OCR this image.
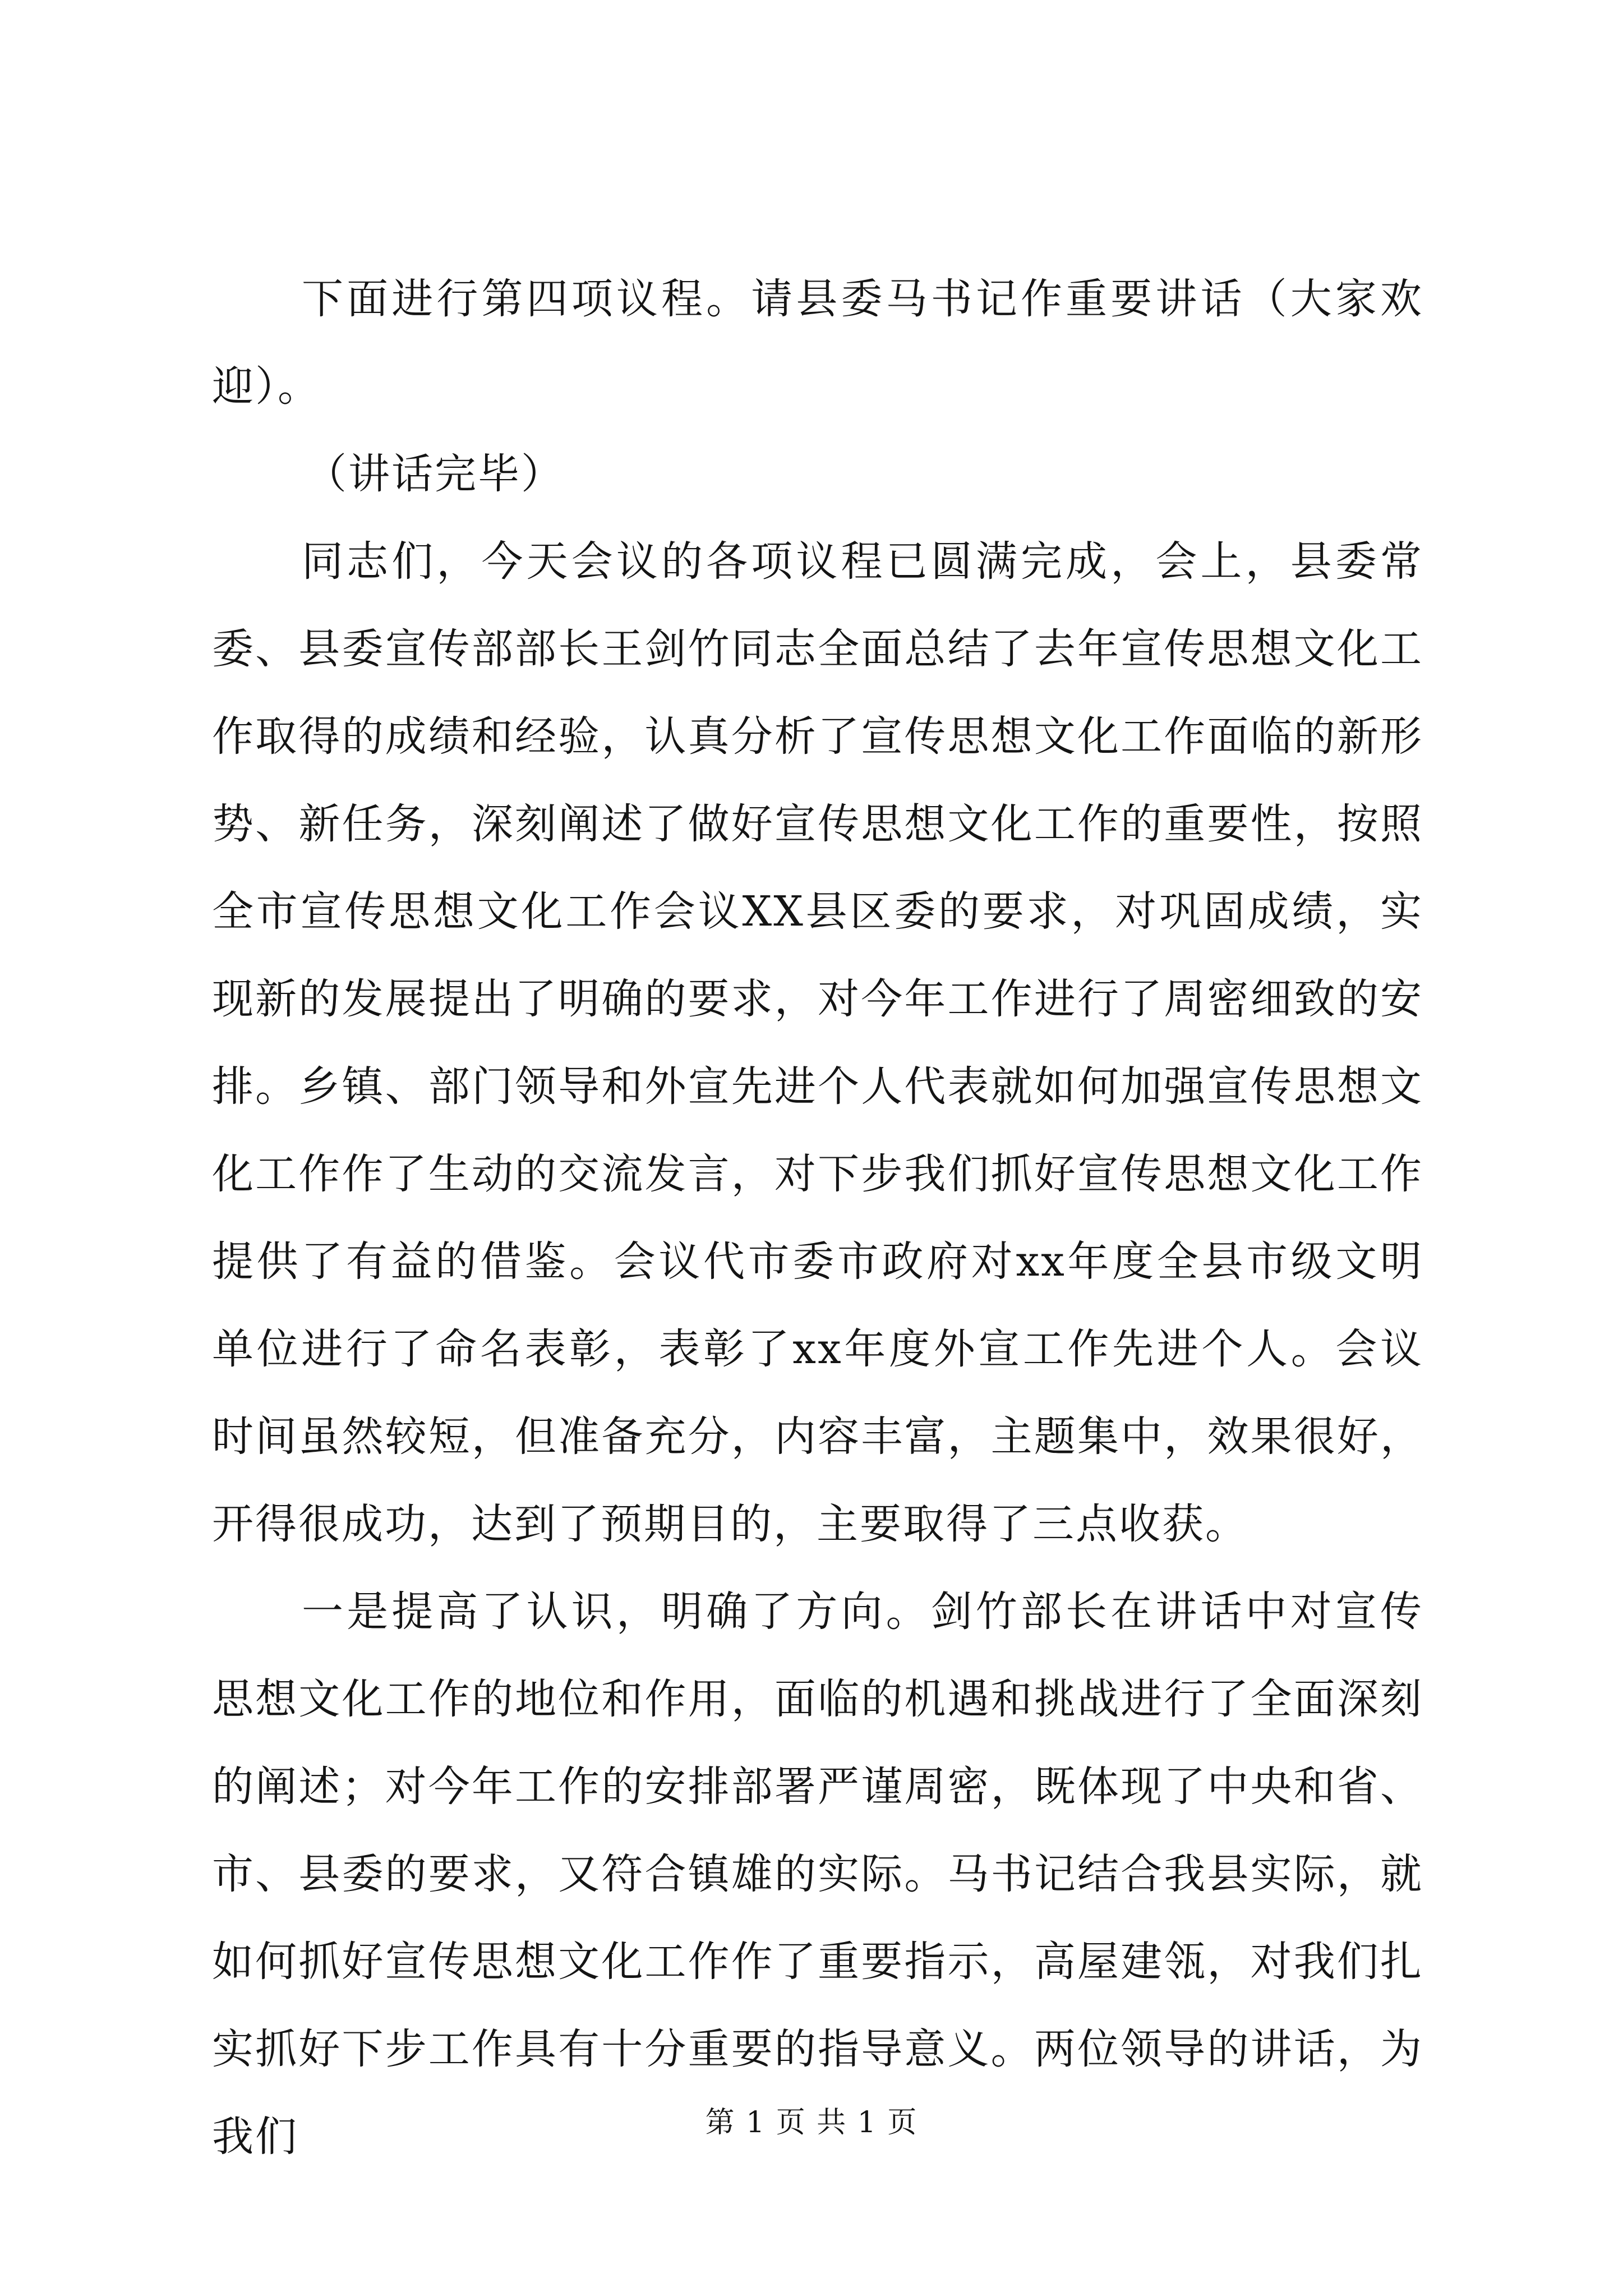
下面进行第四项议程。请县委马书记作重要讲话（大家欢迎）。

（讲话完毕）

同志们，今天会议的各项议程已圆满完成，会上，县委常委、县委宣传部部长王剑竹同志全面总结了去年宣传思想文化工作取得的成绩和经验，认真分析了宣传思想文化工作面临的新形势、新任务，深刻阐述了做好宣传思想文化工作的重要性，按照全市宣传思想文化工作会议XX县区委的要求，对巩固成绩，实现新的发展提出了明确的要求，对今年工作进行了周密细致的安排。乡镇、部门领导和外宣先进个人代表就如何加强宣传思想文化工作作了生动的交流发言，对下步我们抓好宣传思想文化工作提供了有益的借鉴。会议代市委市政府对xx年度全县市级文明单位进行了命名表彰，表彰了xx年度外宣工作先进个人。会议时间虽然较短，但准备充分，内容丰富，主题集中，效果很好，开得很成功，达到了预期目的，主要取得了三点收获。

一是提高了认识，明确了方向。剑竹部长在讲话中对宣传思想文化工作的地位和作用，面临的机遇和挑战进行了全面深刻的阐述；对今年工作的安排部署严谨周密，既体现了中央和省、市、县委的要求，又符合镇雄的实际。马书记结合我县实际，就如何抓好宣传思想文化工作作了重要指示，高屋建瓴，对我们扎实抓好下步工作具有十分重要的指导意义。两位领导的讲话，为我们	第 1 页 共 1 页
